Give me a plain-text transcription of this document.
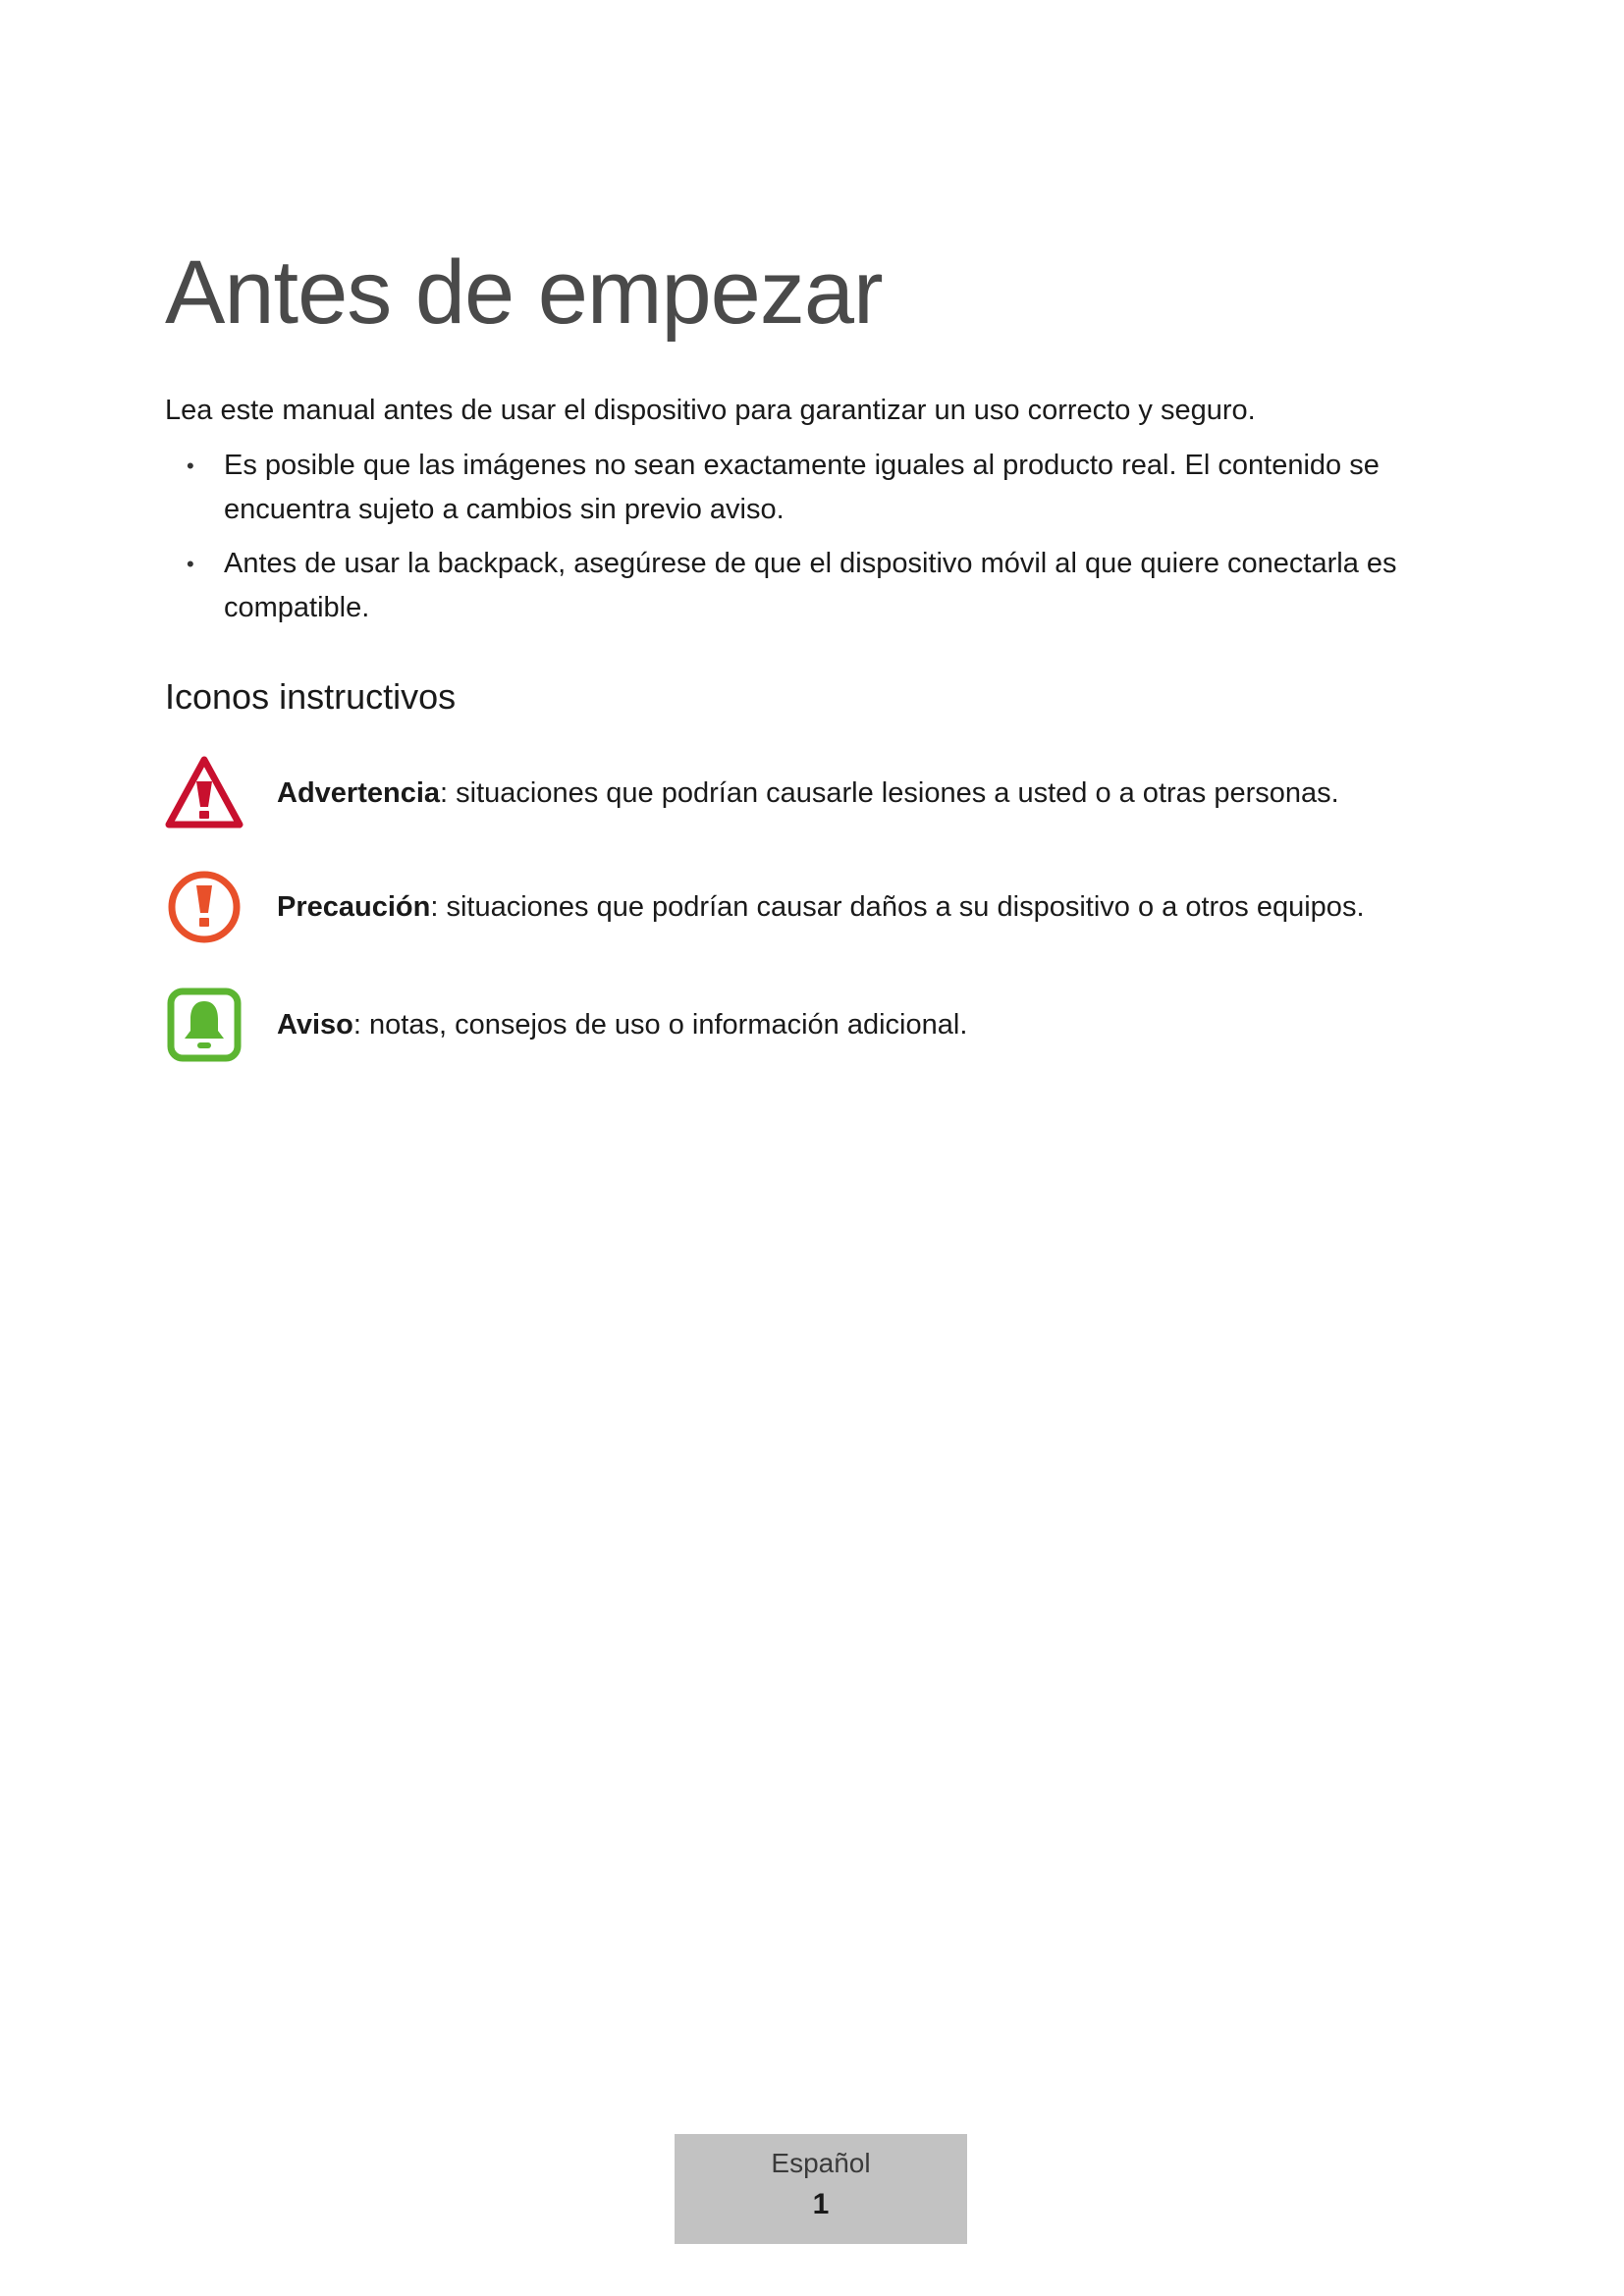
Antes de empezar

Lea este manual antes de usar el dispositivo para garantizar un uso correcto y seguro.

• Es posible que las imágenes no sean exactamente iguales al producto real. El contenido se encuentra sujeto a cambios sin previo aviso.
• Antes de usar la backpack, asegúrese de que el dispositivo móvil al que quiere conectarla es compatible.
Iconos instructivos
Advertencia: situaciones que podrían causarle lesiones a usted o a otras personas.
Precaución: situaciones que podrían causar daños a su dispositivo o a otros equipos.
Aviso: notas, consejos de uso o información adicional.
Español
1
